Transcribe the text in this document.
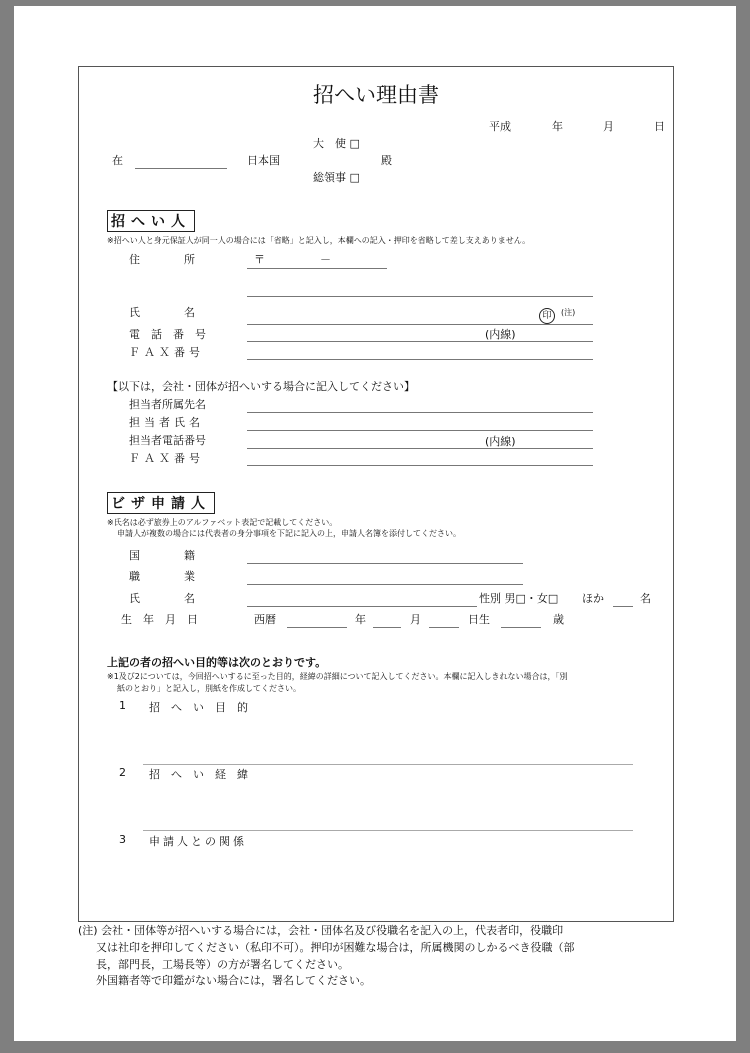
招へい理由書
平成	年	月	日
大　使 □
在	日本国	殿
総領事 □
招へい人
※招へい人と身元保証人が同一人の場合には「省略」と記入し，本欄への記入・押印を省略して差し支えありません。
住　　　　所	〒　　　　　－
氏　　　　名	印	(注)
電　話　番　号	(内線)
ＦＡＸ番号
【以下は，会社・団体が招へいする場合に記入してください】
担当者所属先名
担当者氏名
担当者電話番号	(内線)
ＦＡＸ番号
ビザ申請人
※氏名は必ず旅券上のアルファベット表記で記載してください。
申請人が複数の場合には代表者の身分事項を下記に記入の上，申請人名簿を添付してください。
国　　　　籍
職　　　　業
氏　　　　名	性別 男□・女□ ほか	名
生　年　月　日	西暦	年	月	日生	歳
上記の者の招へい目的等は次のとおりです。
※1及び2については，今回招へいするに至った目的，経緯の詳細について記入してください。本欄に記入しきれない場合は，「別
紙のとおり」と記入し，別紙を作成してください。
1 招　へ　い　目　的
2 招　へ　い　経　緯
3 申請人との関係
(注) 会社・団体等が招へいする場合には，会社・団体名及び役職名を記入の上，代表者印，役職印
又は社印を押印してください（私印不可）。押印が困難な場合は，所属機関のしかるべき役職（部
長，部門長，工場長等）の方が署名してください。
外国籍者等で印鑑がない場合には，署名してください。
